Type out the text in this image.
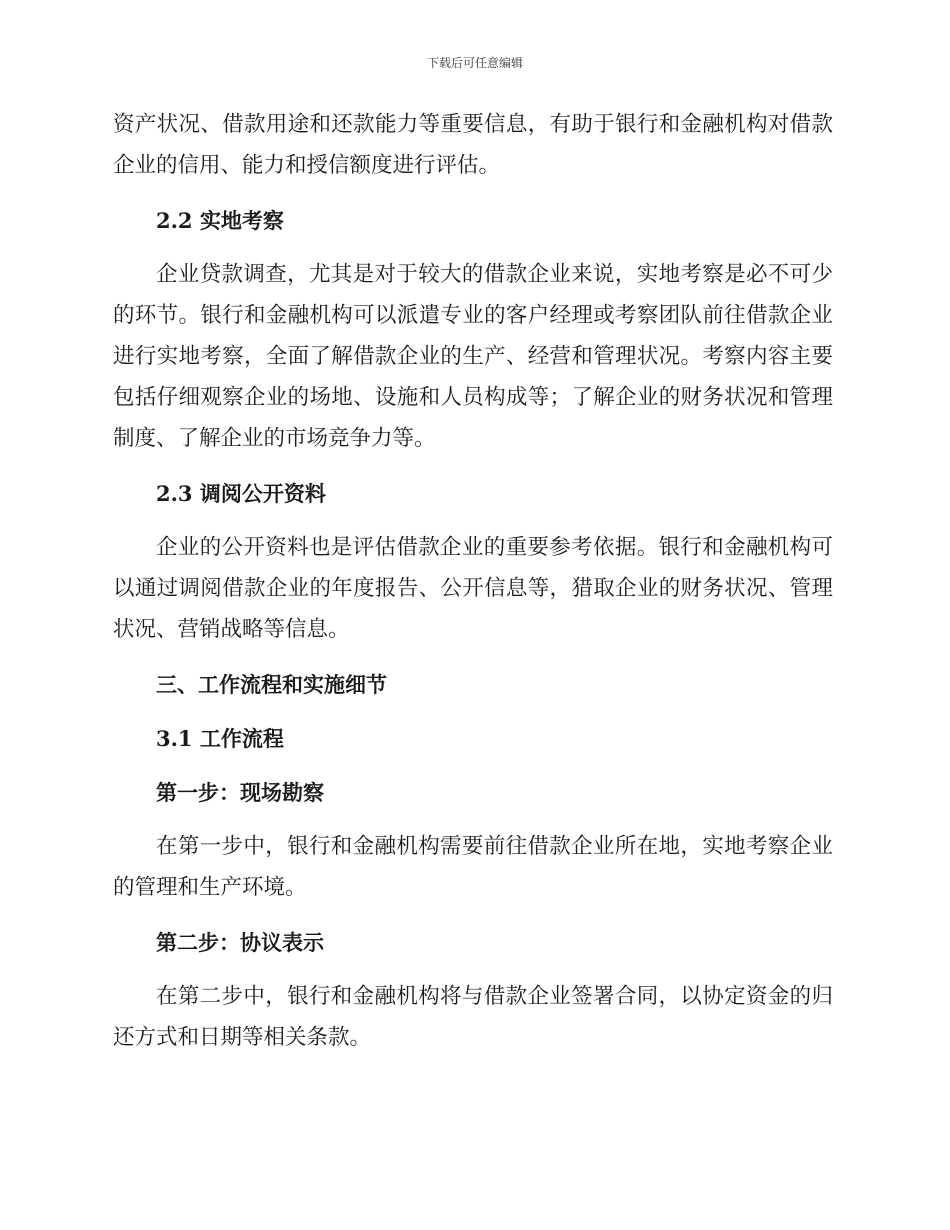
下载后可任意编辑

资产状况、借款用途和还款能力等重要信息，有助于银行和金融机构对借款企业的信用、能力和授信额度进行评估。

2.2 实地考察

企业贷款调查，尤其是对于较大的借款企业来说，实地考察是必不可少的环节。银行和金融机构可以派遣专业的客户经理或考察团队前往借款企业进行实地考察，全面了解借款企业的生产、经营和管理状况。考察内容主要包括仔细观察企业的场地、设施和人员构成等；了解企业的财务状况和管理制度、了解企业的市场竞争力等。

2.3 调阅公开资料

企业的公开资料也是评估借款企业的重要参考依据。银行和金融机构可以通过调阅借款企业的年度报告、公开信息等，猎取企业的财务状况、管理状况、营销战略等信息。

三、工作流程和实施细节

3.1 工作流程

第一步：现场勘察

在第一步中，银行和金融机构需要前往借款企业所在地，实地考察企业的管理和生产环境。

第二步：协议表示

在第二步中，银行和金融机构将与借款企业签署合同，以协定资金的归还方式和日期等相关条款。
